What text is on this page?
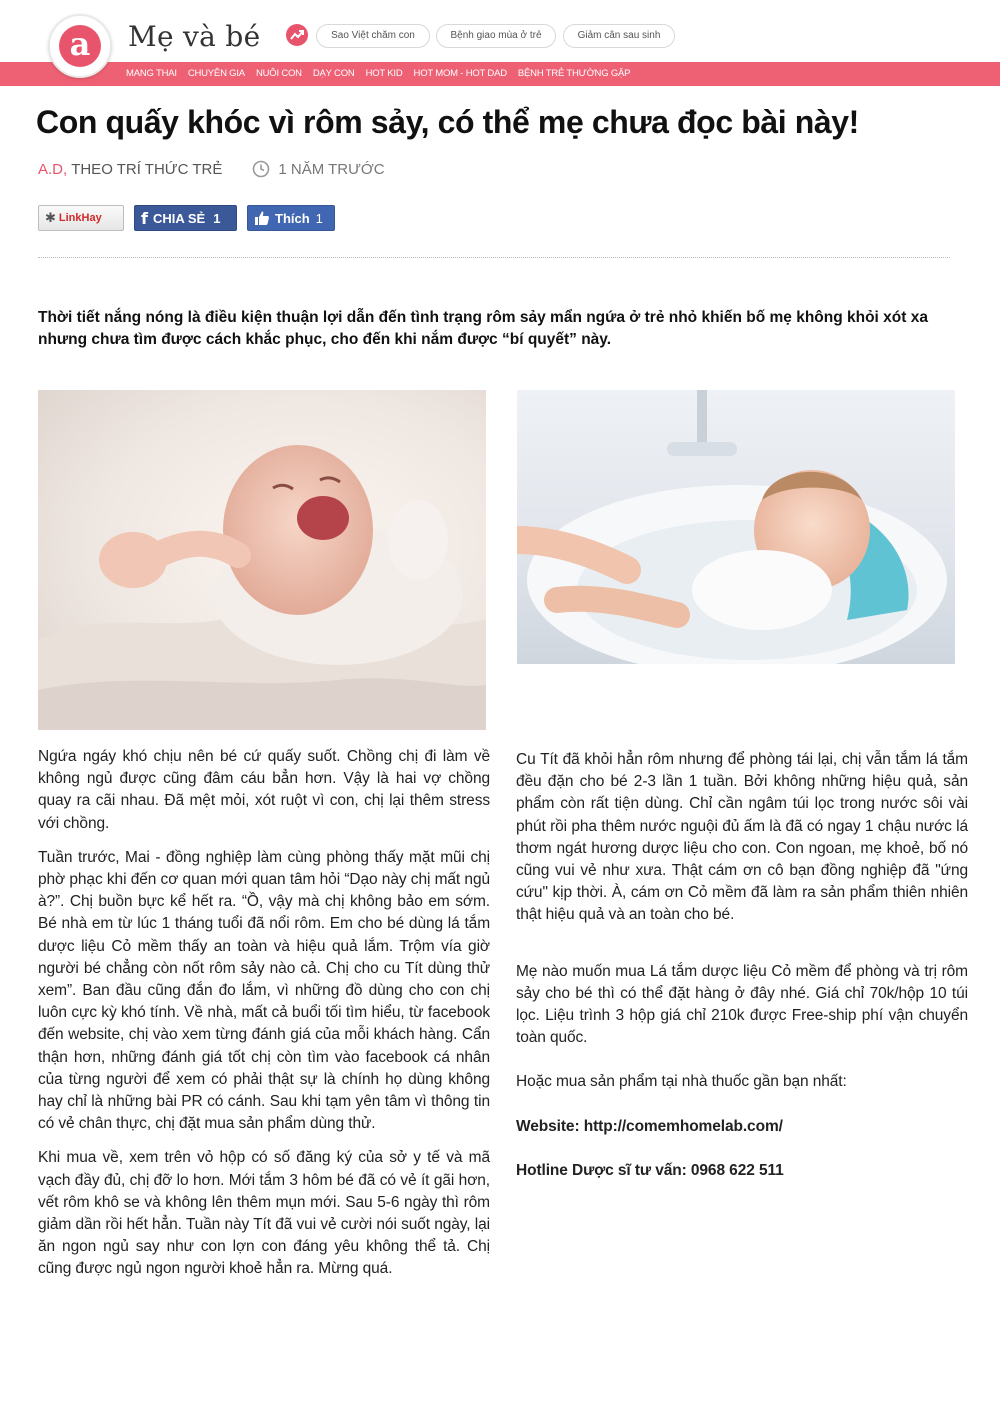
a	Mẹ và bé	Sao Việt chăm con	Bệnh giao mùa ở trẻ	Giảm cân sau sinh
MANG THAI CHUYÊN GIA NUÔI CON DẠY CON HOT KID HOT MOM - HOT DAD BỆNH TRẺ THƯỜNG GẶP
Con quấy khóc vì rôm sảy, có thể mẹ chưa đọc bài này!
A.D, THEO TRÍ THỨC TRẺ	1 NĂM TRƯỚC
✱ LinkHay f CHIA SẺ 1	Thích 1

Thời tiết nắng nóng là điều kiện thuận lợi dẫn đến tình trạng rôm sảy mẩn ngứa ở trẻ nhỏ khiến bố mẹ không khỏi xót xa nhưng chưa tìm được cách khắc phục, cho đến khi nắm được “bí quyết” này.

Ngứa ngáy khó chịu nên bé cứ quấy suốt. Chồng chị đi làm về không ngủ được cũng đâm cáu bẳn hơn. Vậy là hai vợ chồng quay ra cãi nhau. Đã mệt mỏi, xót ruột vì con, chị lại thêm stress với chồng.

Tuần trước, Mai - đồng nghiệp làm cùng phòng thấy mặt mũi chị phờ phạc khi đến cơ quan mới quan tâm hỏi “Dạo này chị mất ngủ à?”. Chị buồn bực kể hết ra. “Ồ, vậy mà chị không bảo em sớm. Bé nhà em từ lúc 1 tháng tuổi đã nổi rôm. Em cho bé dùng lá tắm dược liệu Cỏ mềm thấy an toàn và hiệu quả lắm. Trộm vía giờ người bé chẳng còn nốt rôm sảy nào cả. Chị cho cu Tít dùng thử xem”. Ban đầu cũng đắn đo lắm, vì những đồ dùng cho con chị luôn cực kỳ khó tính. Về nhà, mất cả buổi tối tìm hiểu, từ facebook đến website, chị vào xem từng đánh giá của mỗi khách hàng. Cẩn thận hơn, những đánh giá tốt chị còn tìm vào facebook cá nhân của từng người để xem có phải thật sự là chính họ dùng không hay chỉ là những bài PR có cánh. Sau khi tạm yên tâm vì thông tin có vẻ chân thực, chị đặt mua sản phẩm dùng thử.

Khi mua về, xem trên vỏ hộp có số đăng ký của sở y tế và mã vạch đầy đủ, chị đỡ lo hơn. Mới tắm 3 hôm bé đã có vẻ ít gãi hơn, vết rôm khô se và không lên thêm mụn mới. Sau 5-6 ngày thì rôm giảm dần rồi hết hẳn. Tuần này Tít đã vui vẻ cười nói suốt ngày, lại ăn ngon ngủ say như con lợn con đáng yêu không thể tả. Chị cũng được ngủ ngon người khoẻ hẳn ra. Mừng quá.

Cu Tít đã khỏi hẳn rôm nhưng để phòng tái lại, chị vẫn tắm lá tắm đều đặn cho bé 2-3 lần 1 tuần. Bởi không những hiệu quả, sản phẩm còn rất tiện dùng. Chỉ cần ngâm túi lọc trong nước sôi vài phút rồi pha thêm nước nguội đủ ấm là đã có ngay 1 chậu nước lá thơm ngát hương dược liệu cho con. Con ngoan, mẹ khoẻ, bố nó cũng vui vẻ như xưa. Thật cám ơn cô bạn đồng nghiệp đã "ứng cứu" kịp thời. À, cám ơn Cỏ mềm đã làm ra sản phẩm thiên nhiên thật hiệu quả và an toàn cho bé.

Mẹ nào muốn mua Lá tắm dược liệu Cỏ mềm để phòng và trị rôm sảy cho bé thì có thể đặt hàng ở đây nhé. Giá chỉ 70k/hộp 10 túi lọc. Liệu trình 3 hộp giá chỉ 210k được Free-ship phí vận chuyển toàn quốc.

Hoặc mua sản phẩm tại nhà thuốc gần bạn nhất:

Website: http://comemhomelab.com/

Hotline Dược sĩ tư vấn: 0968 622 511
